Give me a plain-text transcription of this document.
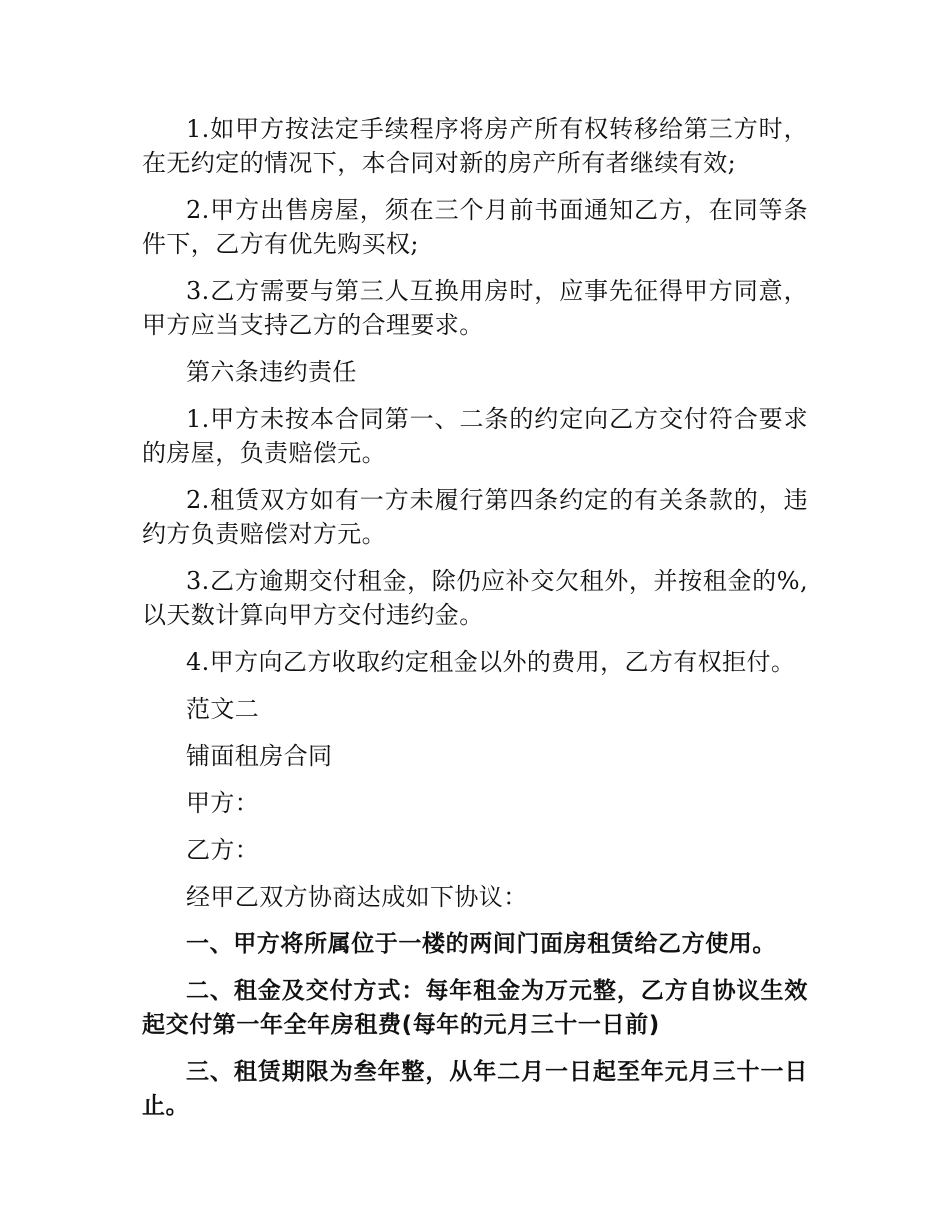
1.如甲方按法定手续程序将房产所有权转移给第三方时，在无约定的情况下，本合同对新的房产所有者继续有效;

2.甲方出售房屋，须在三个月前书面通知乙方，在同等条件下，乙方有优先购买权;

3.乙方需要与第三人互换用房时，应事先征得甲方同意，甲方应当支持乙方的合理要求。

第六条违约责任

1.甲方未按本合同第一、二条的约定向乙方交付符合要求的房屋，负责赔偿元。

2.租赁双方如有一方未履行第四条约定的有关条款的，违约方负责赔偿对方元。

3.乙方逾期交付租金，除仍应补交欠租外，并按租金的%,以天数计算向甲方交付违约金。

4.甲方向乙方收取约定租金以外的费用，乙方有权拒付。

范文二

铺面租房合同

甲方：

乙方：

经甲乙双方协商达成如下协议：

一、甲方将所属位于一楼的两间门面房租赁给乙方使用。

二、租金及交付方式：每年租金为万元整，乙方自协议生效起交付第一年全年房租费(每年的元月三十一日前)

三、租赁期限为叁年整，从年二月一日起至年元月三十一日止。
